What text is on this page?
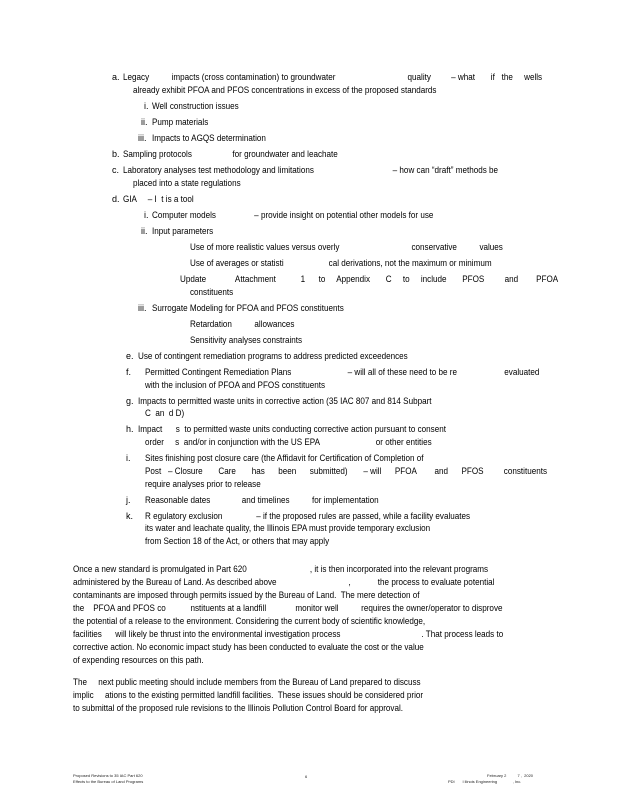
a. Legacy          impacts (cross contamination) to groundwater                                quality         – what       if   the     wells
already exhibit PFOA and PFOS concentrations in excess of the proposed standards
i. Well construction issues
ii. Pump materials
iii. Impacts to AGQS determination
b. Sampling protocols                  for groundwater and leachate
c. Laboratory analyses test methodology and limitations                                   – how can “draft” methods be
placed into a state regulations
d. GIA     – I  t is a tool
i. Computer models                 – provide insight on potential other models for use
ii. Input parameters
Use of more realistic values versus overly                                conservative          values
Use of averages or statisti                    cal derivations, not the maximum or minimum
Update             Attachment           1      to     Appendix       C     to     include       PFOS         and        PFOA
constituents
iii. Surrogate Modeling for PFOA and PFOS constituents
Retardation          allowances
Sensitivity analyses constraints
e. Use of contingent remediation programs to address predicted exceedences
f. Permitted Contingent Remediation Plans                         – will all of these need to be re                     evaluated
with the inclusion of PFOA and PFOS constituents
g. Impacts to permitted waste units in corrective action (35 IAC 807 and 814 Subpart
C  an  d D)
h. Impact      s  to permitted waste units conducting corrective action pursuant to consent
order     s  and/or in conjunction with the US EPA                         or other entities
i. Sites finishing post closure care (the Affidavit for Certification of Completion of
Post   – Closure       Care       has      been      submitted)       – will      PFOA        and      PFOS         constituents
require analyses prior to release
j. Reasonable dates              and timelines          for implementation
k. R egulatory exclusion               – if the proposed rules are passed, while a facility evaluates
its water and leachate quality, the Illinois EPA must provide temporary exclusion
from Section 18 of the Act, or others that may apply
Once a new standard is promulgated in Part 620                            , it is then incorporated into the relevant programs
administered by the Bureau of Land. As described above                                ,            the process to evaluate potential
contaminants are imposed through permits issued by the Bureau of Land.  The mere detection of
the    PFOA and PFOS co           nstituents at a landfill             monitor well          requires the owner/operator to disprove
the potential of a release to the environment. Considering the current body of scientific knowledge,
facilities      will likely be thrust into the environmental investigation process                                    . That process leads to
corrective action. No economic impact study has been conducted to evaluate the cost or the value
of expending resources on this path.
The     next public meeting should include members from the Bureau of Land prepared to discuss
implic     ations to the existing permitted landfill facilities.  These issues should be considered prior
to submittal of the proposed rule revisions to the Illinois Pollution Control Board for approval.
Proposed Revisions to 35 IAC Part 620
Effects to the Bureau of Land Programs
6	February 2          7 ,  2020
PDI       I llinois Engineering              , Inc.
